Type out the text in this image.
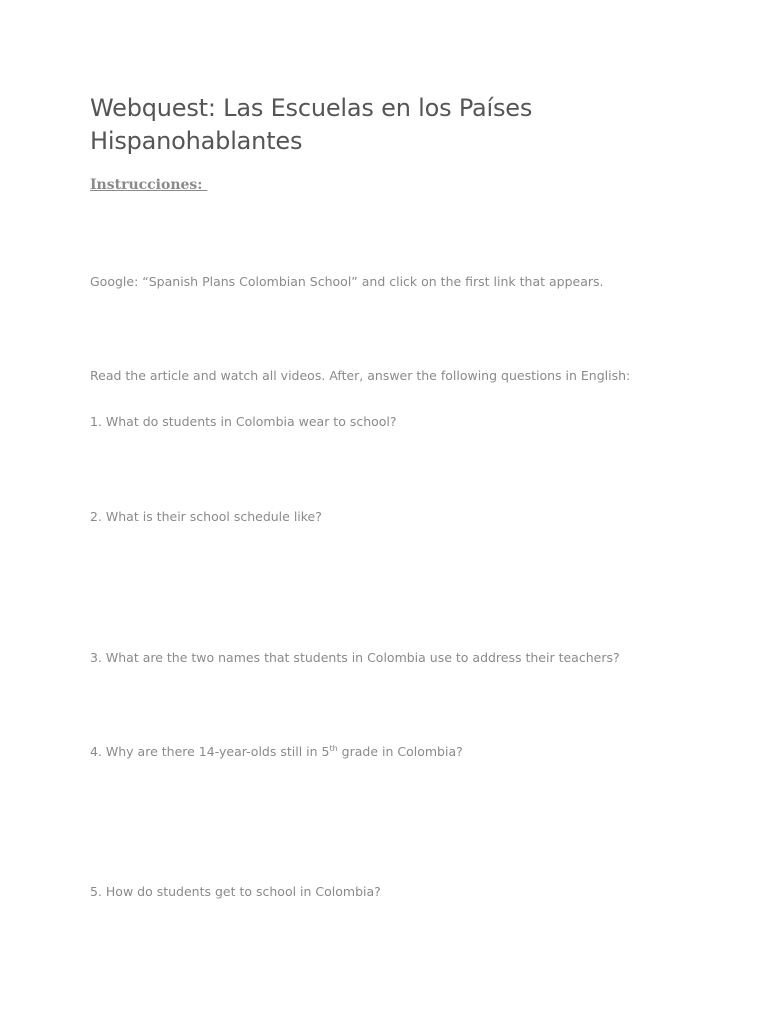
Webquest: Las Escuelas en los Países
Hispanohablantes

Instrucciones:

Google: “Spanish Plans Colombian School” and click on the first link that appears.

Read the article and watch all videos. After, answer the following questions in English:

1. What do students in Colombia wear to school?

2. What is their school schedule like?

3. What are the two names that students in Colombia use to address their teachers?

4. Why are there 14-year-olds still in 5th grade in Colombia?

5. How do students get to school in Colombia?
